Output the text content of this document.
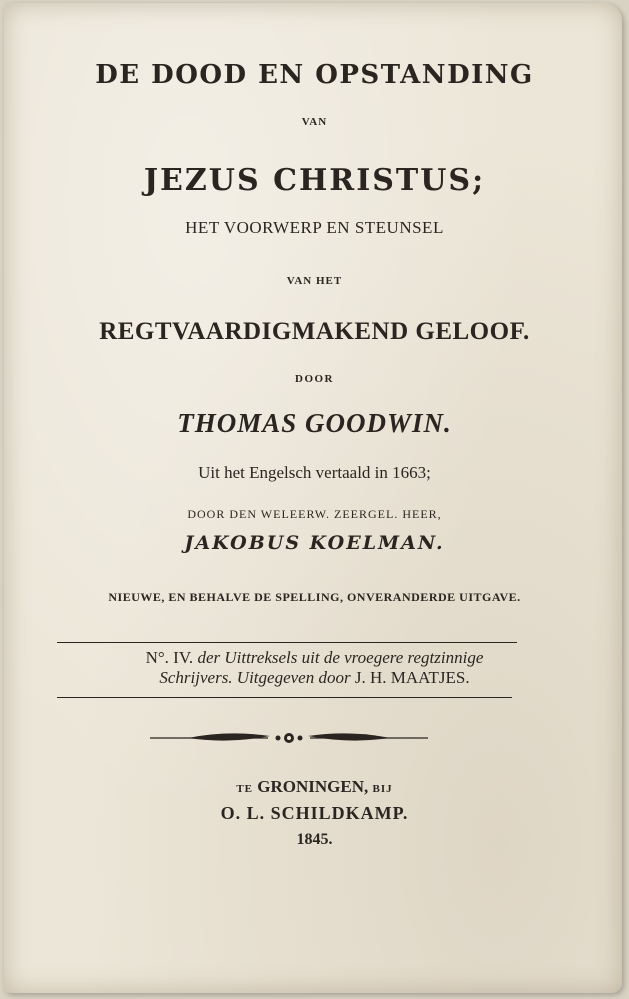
DE DOOD EN OPSTANDING
VAN
JEZUS CHRISTUS;
HET VOORWERP EN STEUNSEL
VAN HET
REGTVAARDIGMAKEND GELOOF.
DOOR
THOMAS GOODWIN.
Uit het Engelsch vertaald in 1663;
DOOR DEN WELEERW. ZEERGEL. HEER,
JAKOBUS KOELMAN.
NIEUWE, EN BEHALVE DE SPELLING, ONVERANDERDE UITGAVE.
N°. IV. der Uittreksels uit de vroegere regtzinnige
Schrijvers. Uitgegeven door J. H. MAATJES.
TE GRONINGEN, BIJ
O. L. SCHILDKAMP.
1845.
